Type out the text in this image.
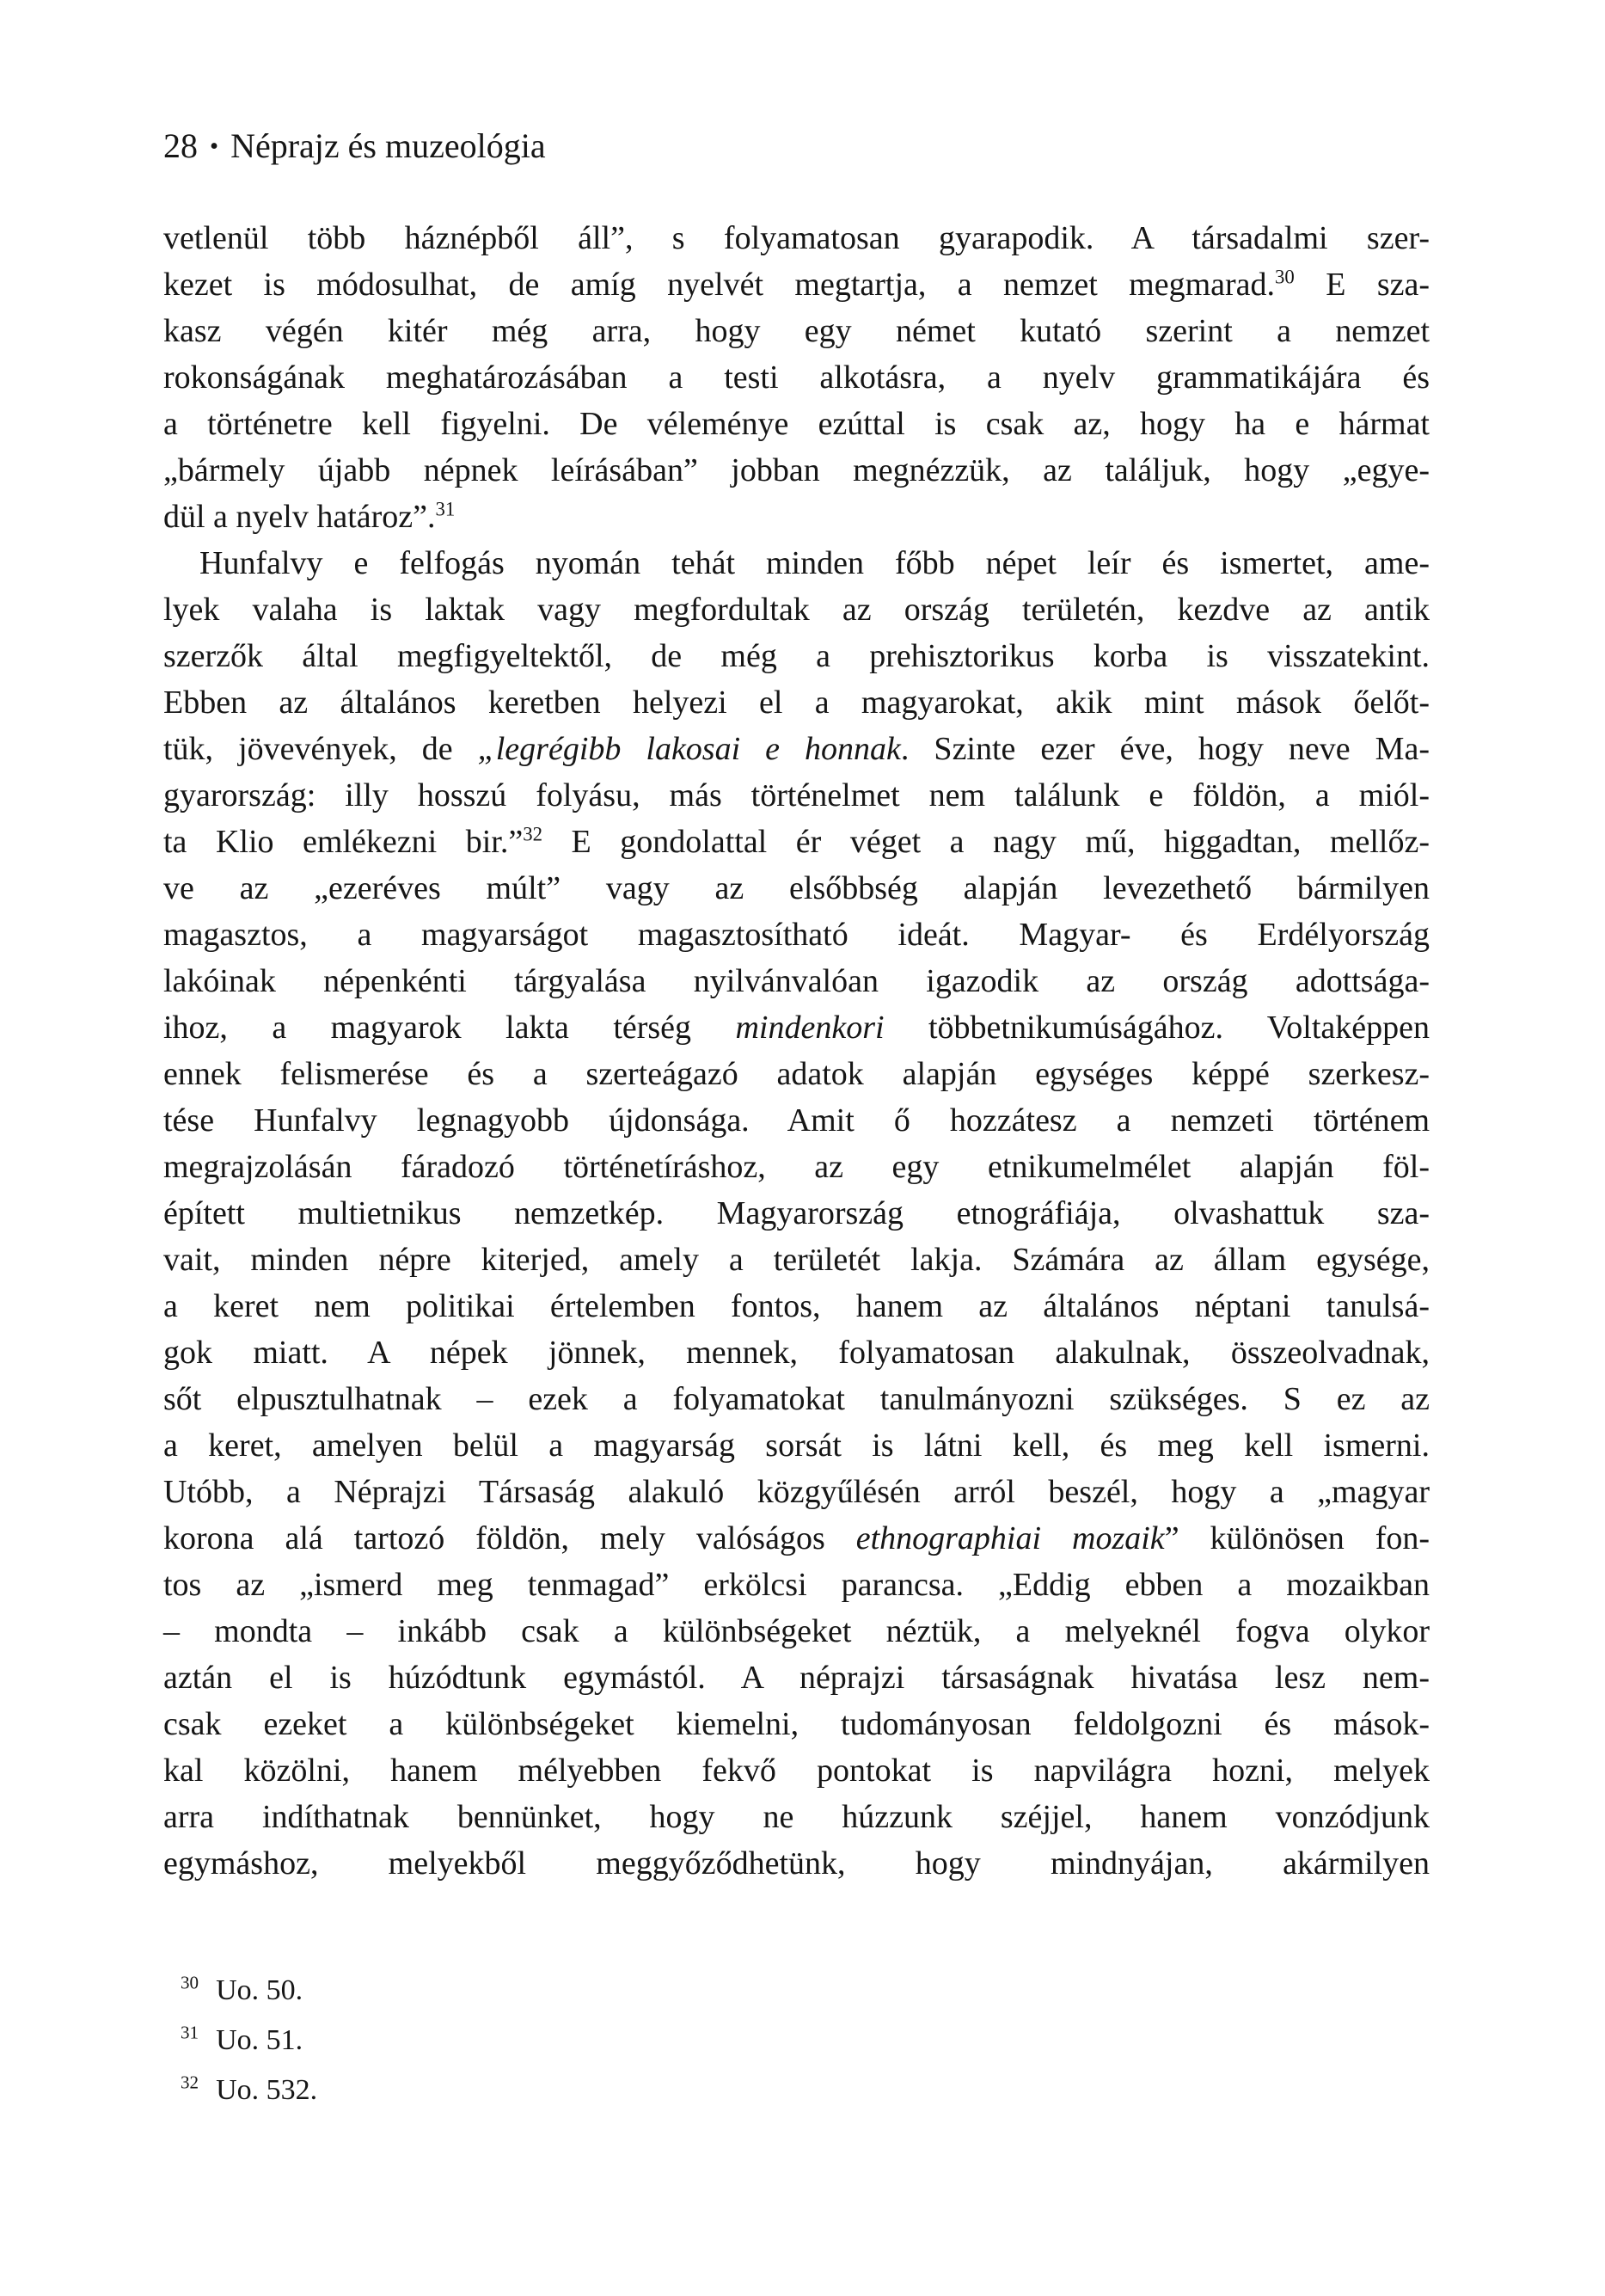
28 • Néprajz és muzeológia
vetlenül több háznépből áll”, s folyamatosan gyarapodik. A társadalmi szer-
kezet is módosulhat, de amíg nyelvét megtartja, a nemzet megmarad.$^{30}$ E sza-
kasz végén kitér még arra, hogy egy német kutató szerint a nemzet
rokonságának meghatározásában a testi alkotásra, a nyelv grammatikájára és
a történetre kell figyelni. De véleménye ezúttal is csak az, hogy ha e hármat
„bármely újabb népnek leírásában” jobban megnézzük, az találjuk, hogy „egye-
dül a nyelv határoz”.$^{31}$
Hunfalvy e felfogás nyomán tehát minden főbb népet leír és ismertet, ame-
lyek valaha is laktak vagy megfordultak az ország területén, kezdve az antik
szerzők által megfigyeltektől, de még a prehisztorikus korba is visszatekint.
Ebben az általános keretben helyezi el a magyarokat, akik mint mások őelőt-
tük, jövevények, de „legrégibb lakosai e honnak. Szinte ezer éve, hogy neve Ma-
gyarország: illy hosszú folyásu, más történelmet nem találunk e földön, a miól-
ta Klio emlékezni bir.”$^{32}$ E gondolattal ér véget a nagy mű, higgadtan, mellőz-
ve az „ezeréves múlt” vagy az elsőbbség alapján levezethető bármilyen
magasztos, a magyarságot magasztosítható ideát. Magyar- és Erdélyország
lakóinak népenkénti tárgyalása nyilvánvalóan igazodik az ország adottsága-
ihoz, a magyarok lakta térség mindenkori többetnikumúságához. Voltaképpen
ennek felismerése és a szerteágazó adatok alapján egységes képpé szerkesz-
tése Hunfalvy legnagyobb újdonsága. Amit ő hozzátesz a nemzeti történem
megrajzolásán fáradozó történetíráshoz, az egy etnikumelmélet alapján föl-
épített multietnikus nemzetkép. Magyarország etnográfiája, olvashattuk sza-
vait, minden népre kiterjed, amely a területét lakja. Számára az állam egysége,
a keret nem politikai értelemben fontos, hanem az általános néptani tanulsá-
gok miatt. A népek jönnek, mennek, folyamatosan alakulnak, összeolvadnak,
sőt elpusztulhatnak – ezek a folyamatokat tanulmányozni szükséges. S ez az
a keret, amelyen belül a magyarság sorsát is látni kell, és meg kell ismerni.
Utóbb, a Néprajzi Társaság alakuló közgyűlésén arról beszél, hogy a „magyar
korona alá tartozó földön, mely valóságos ethnographiai mozaik” különösen fon-
tos az „ismerd meg tenmagad” erkölcsi parancsa. „Eddig ebben a mozaikban
– mondta – inkább csak a különbségeket néztük, a melyeknél fogva olykor
aztán el is húzódtunk egymástól. A néprajzi társaságnak hivatása lesz nem-
csak ezeket a különbségeket kiemelni, tudományosan feldolgozni és mások-
kal közölni, hanem mélyebben fekvő pontokat is napvilágra hozni, melyek
arra indíthatnak bennünket, hogy ne húzzunk széjjel, hanem vonzódjunk
egymáshoz, melyekből meggyőződhetünk, hogy mindnyájan, akármilyen
$^{30}$ Uo. 50.
$^{31}$ Uo. 51.
$^{32}$ Uo. 532.
